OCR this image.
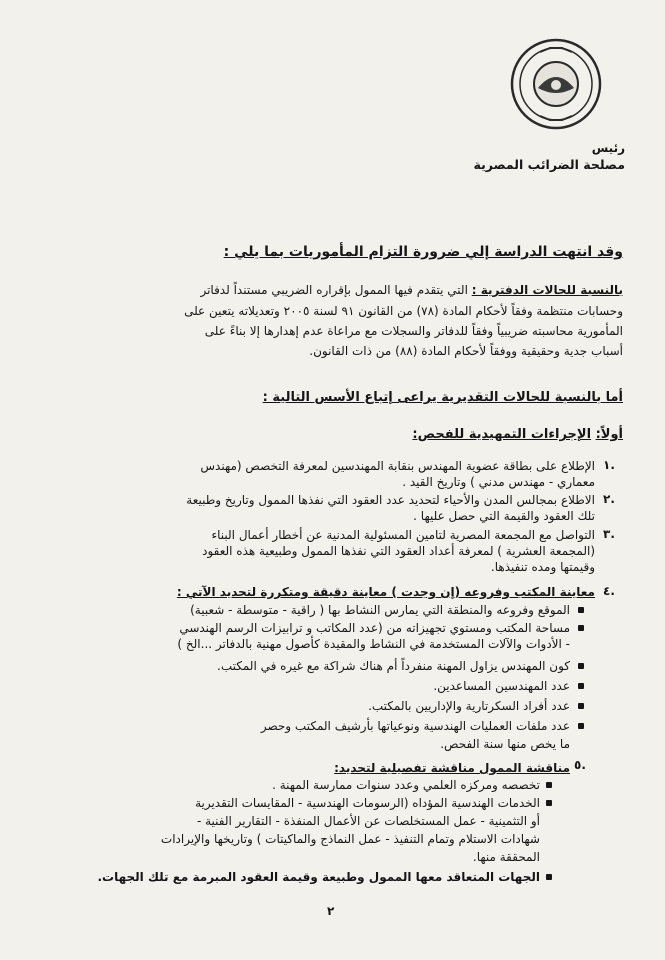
رئيس
مصلحة الضرائب المصرية
وقد انتهت الدراسة إلي ضرورة التزام المأموريات بما يلي :
بالنسبة للحالات الدفترية : التي يتقدم فيها الممول بإقراره الضريبي مستنداً لدفاتر
وحسابات منتظمة وفقاً لأحكام المادة (٧٨) من القانون ٩١ لسنة ٢٠٠٥ وتعديلاته يتعين على
المأمورية محاسبته ضريبياً وفقاً للدفاتر والسجلات مع مراعاة عدم إهدارها إلا بناءً على
أسباب جدية وحقيقية ووفقاً لأحكام المادة (٨٨) من ذات القانون.
أما بالنسبة للحالات التقديرية يراعى إتباع الأسس التالية :
أولاً: الإجراءات التمهيدية للفحص:
١.
الإطلاع على بطاقة عضوية المهندس بنقابة المهندسين لمعرفة التخصص (مهندس
معماري - مهندس مدني ) وتاريخ القيد .
٢.
الاطلاع بمجالس المدن والأحياء لتحديد عدد العقود التي نفذها الممول وتاريخ وطبيعة
تلك العقود والقيمة التي حصل عليها .
٣.
التواصل مع المجمعة المصرية لتامين المسئولية المدنية عن أخطار أعمال البناء
(المجمعة العشرية ) لمعرفة أعداد العقود التي نفذها الممول وطبيعية هذه العقود
وقيمتها ومده تنفيذها.
٤.
معاينة المكتب وفروعه (إن وجدت ) معاينة دقيقة ومتكررة لتحديد الآتي :
الموقع وفروعه والمنطقة التي يمارس النشاط بها ( راقية - متوسطة - شعبية)
مساحة المكتب ومستوي تجهيزاته من (عدد المكاتب و ترابيزات الرسم الهندسي
- الأدوات والآلات المستخدمة في النشاط والمقيدة كأصول مهنية بالدفاتر ...الخ )
كون المهندس يزاول المهنة منفرداً أم هناك شراكة مع غيره في المكتب.
عدد المهندسين المساعدين.
عدد أفراد السكرتارية والإداريين بالمكتب.
عدد ملفات العمليات الهندسية ونوعياتها بأرشيف المكتب وحصر
ما يخص منها سنة الفحص.
٥.
مناقشة الممول مناقشة تفصيلية لتحديد:
تخصصه ومركزه العلمي وعدد سنوات ممارسة المهنة .
الخدمات الهندسية المؤداه (الرسومات الهندسية - المقايسات التقديرية
أو التثمينية - عمل المستخلصات عن الأعمال المنفذة - التقارير الفنية -
شهادات الاستلام وتمام التنفيذ - عمل النماذج والماكيتات ) وتاريخها والإيرادات
المحققة منها.
الجهات المتعاقد معها الممول وطبيعة وقيمة العقود المبرمة مع تلك الجهات.
٢
